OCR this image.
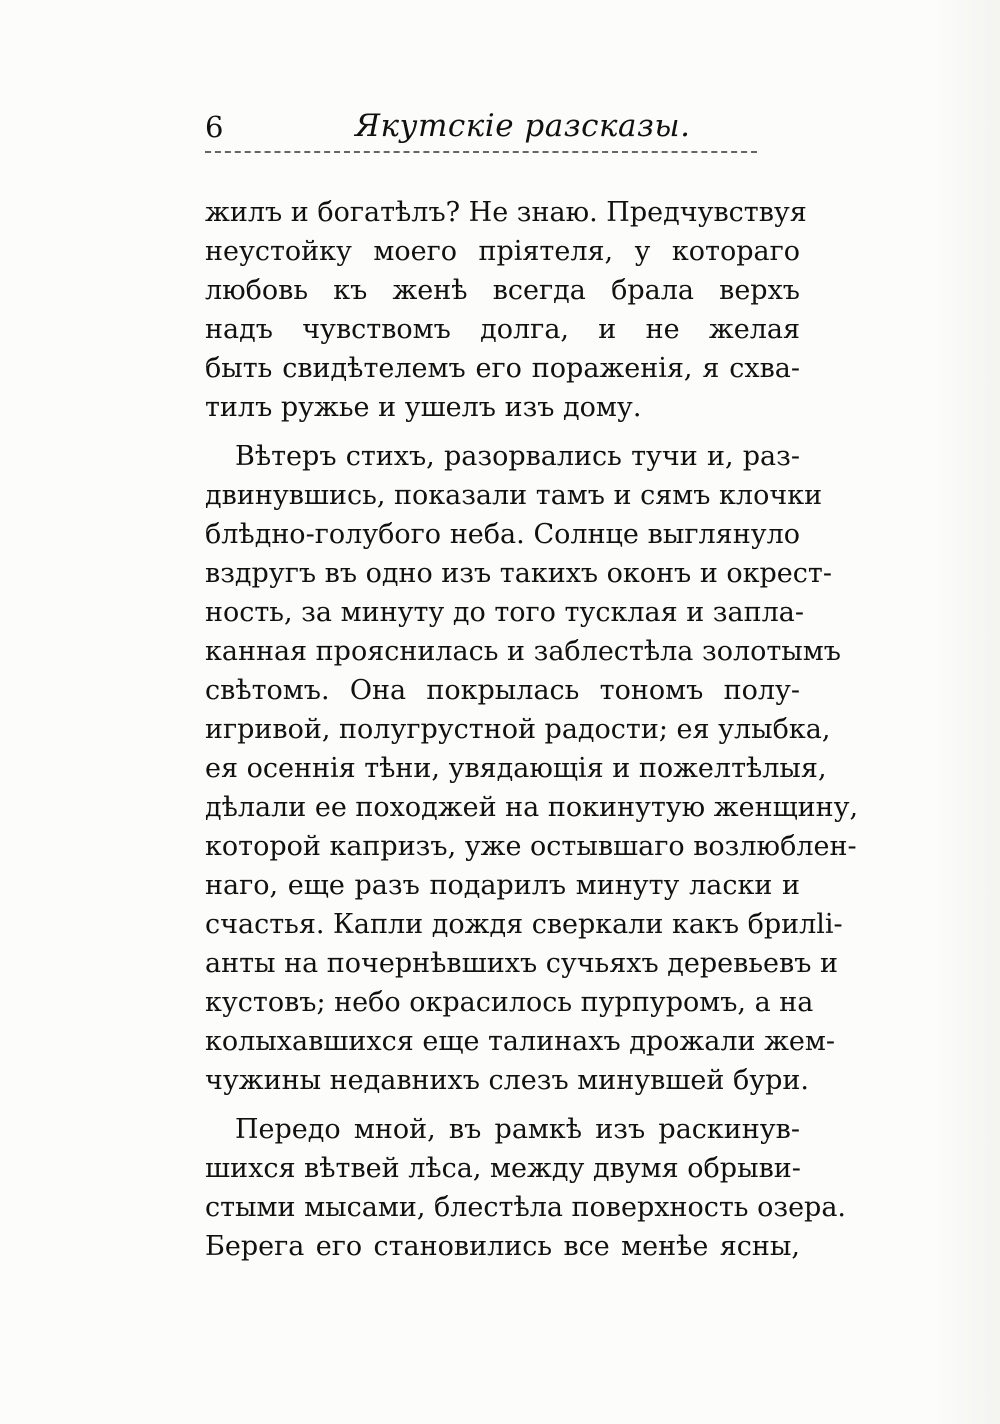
6	Якутскіе разсказы.
жилъ и богатѣлъ? Не знаю. Предчувствуя
неустойку моего пріятеля, у котораго
любовь къ женѣ всегда брала верхъ
надъ чувствомъ долга, и не желая
быть свидѣтелемъ его пораженія, я схва-
тилъ ружье и ушелъ изъ дому.
Вѣтеръ стихъ, разорвались тучи и, раз-
двинувшись, показали тамъ и сямъ клочки
блѣдно-голубого неба. Солнце выглянуло
вздругъ въ одно изъ такихъ оконъ и окрест-
ность, за минуту до того тусклая и запла-
канная прояснилась и заблестѣла золотымъ
свѣтомъ. Она покрылась тономъ полу-
игривой, полугрустной радости; ея улыбка,
ея осеннія тѣни, увядающія и пожелтѣлыя,
дѣлали ее походжей на покинутую женщину,
которой капризъ, уже остывшаго возлюблен-
наго, еще разъ подарилъ минуту ласки и
счастья. Капли дождя сверкали какъ брилli-
анты на почернѣвшихъ сучьяхъ деревьевъ и
кустовъ; небо окрасилось пурпуромъ, а на
колыхавшихся еще талинахъ дрожали жем-
чужины недавнихъ слезъ минувшей бури.
Передо мной, въ рамкѣ изъ раскинув-
шихся вѣтвей лѣса, между двумя обрыви-
стыми мысами, блестѣла поверхность озера.
Берега его становились все менѣе ясны,
